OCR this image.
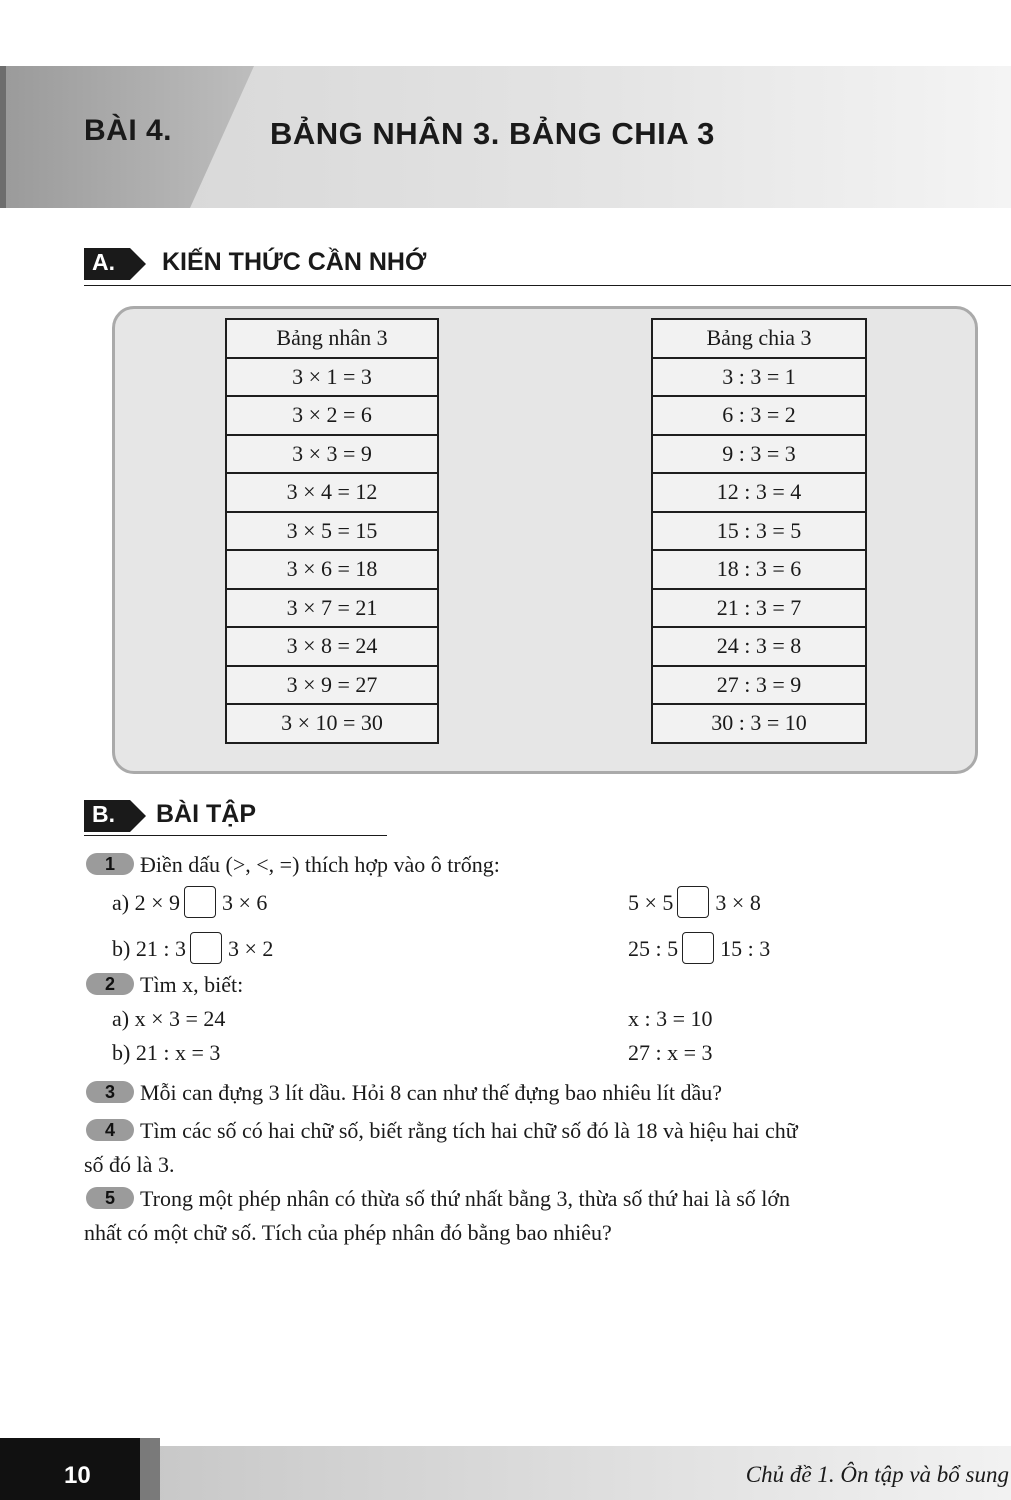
BÀI 4.	BẢNG NHÂN 3. BẢNG CHIA 3
A. KIẾN THỨC CẦN NHỚ
Bảng nhân 3
3 × 1 = 3
3 × 2 = 6
3 × 3 = 9
3 × 4 = 12
3 × 5 = 15
3 × 6 = 18
3 × 7 = 21
3 × 8 = 24
3 × 9 = 27
3 × 10 = 30
Bảng chia 3
3 : 3 = 1
6 : 3 = 2
9 : 3 = 3
12 : 3 = 4
15 : 3 = 5
18 : 3 = 6
21 : 3 = 7
24 : 3 = 8
27 : 3 = 9
30 : 3 = 10
B. BÀI TẬP
1 Điền dấu (>, <, =) thích hợp vào ô trống:
a) 2 × 9 3 × 6	5 × 5 3 × 8
b) 21 : 3 3 × 2	25 : 5 15 : 3
2 Tìm x, biết:
a) x × 3 = 24	x : 3 = 10
b) 21 : x = 3	27 : x = 3
3 Mỗi can đựng 3 lít dầu. Hỏi 8 can như thế đựng bao nhiêu lít dầu?
4 Tìm các số có hai chữ số, biết rằng tích hai chữ số đó là 18 và hiệu hai chữ
số đó là 3.
5 Trong một phép nhân có thừa số thứ nhất bằng 3, thừa số thứ hai là số lớn
nhất có một chữ số. Tích của phép nhân đó bằng bao nhiêu?
10	Chủ đề 1. Ôn tập và bổ sung
